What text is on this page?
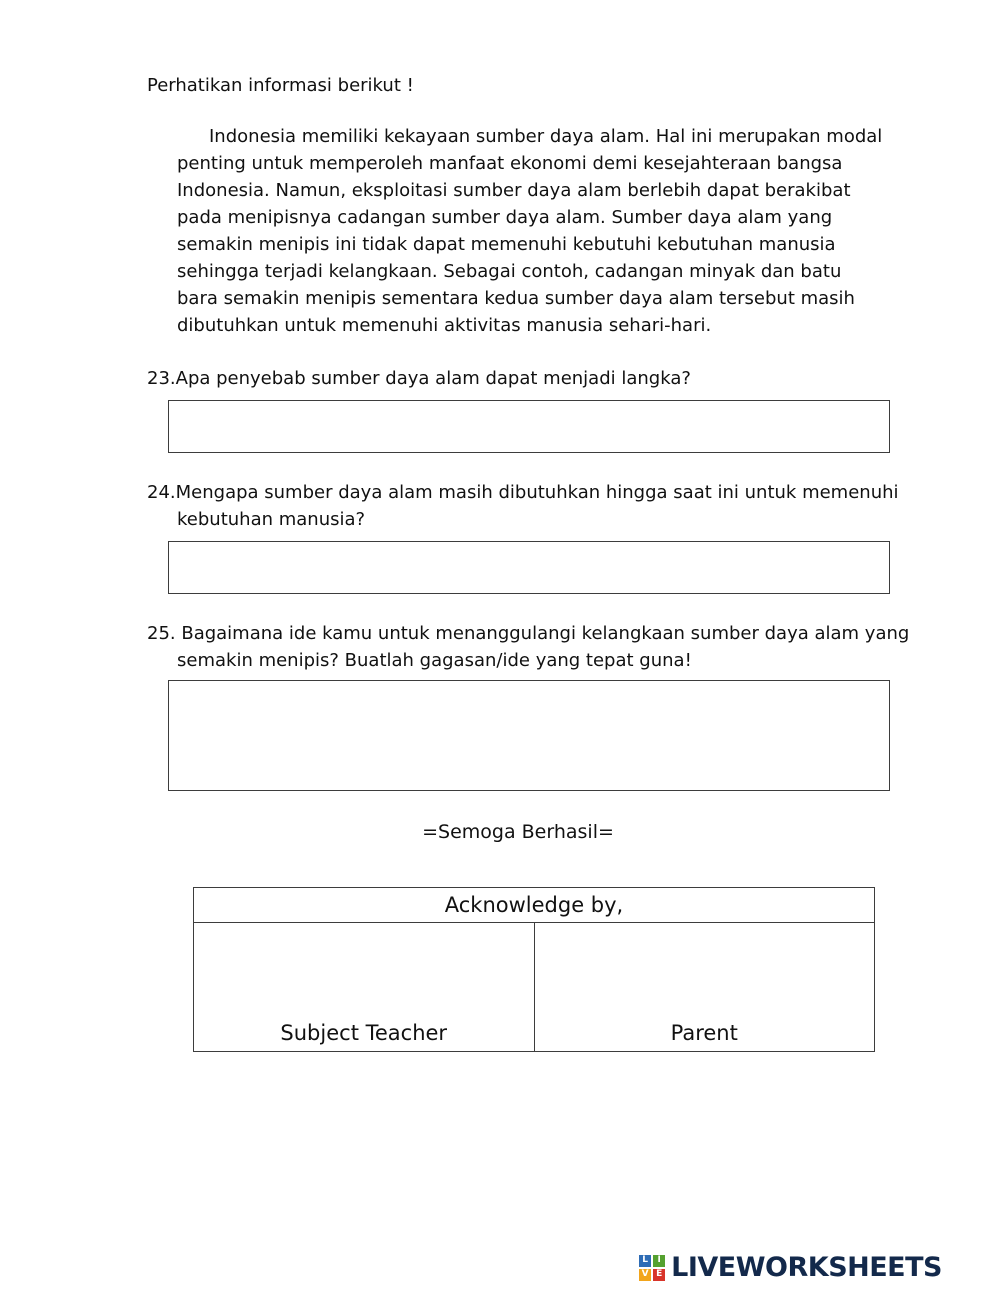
Perhatikan informasi berikut !

Indonesia memiliki kekayaan sumber daya alam. Hal ini merupakan modal penting untuk memperoleh manfaat ekonomi demi kesejahteraan bangsa Indonesia. Namun, eksploitasi sumber daya alam berlebih dapat berakibat pada menipisnya cadangan sumber daya alam. Sumber daya alam yang semakin menipis ini tidak dapat memenuhi kebutuhi kebutuhan manusia sehingga terjadi kelangkaan. Sebagai contoh, cadangan minyak dan batu bara semakin menipis sementara kedua sumber daya alam tersebut masih dibutuhkan untuk memenuhi aktivitas manusia sehari-hari.

23.Apa penyebab sumber daya alam dapat menjadi langka?
24.Mengapa sumber daya alam masih dibutuhkan hingga saat ini untuk memenuhi kebutuhan manusia?
25. Bagaimana ide kamu untuk menanggulangi kelangkaan sumber daya alam yang semakin menipis? Buatlah gagasan/ide yang tepat guna!
=Semoga Berhasil=
Acknowledge by,
Subject Teacher	Parent
L	I
V E LIVEWORKSHEETS
